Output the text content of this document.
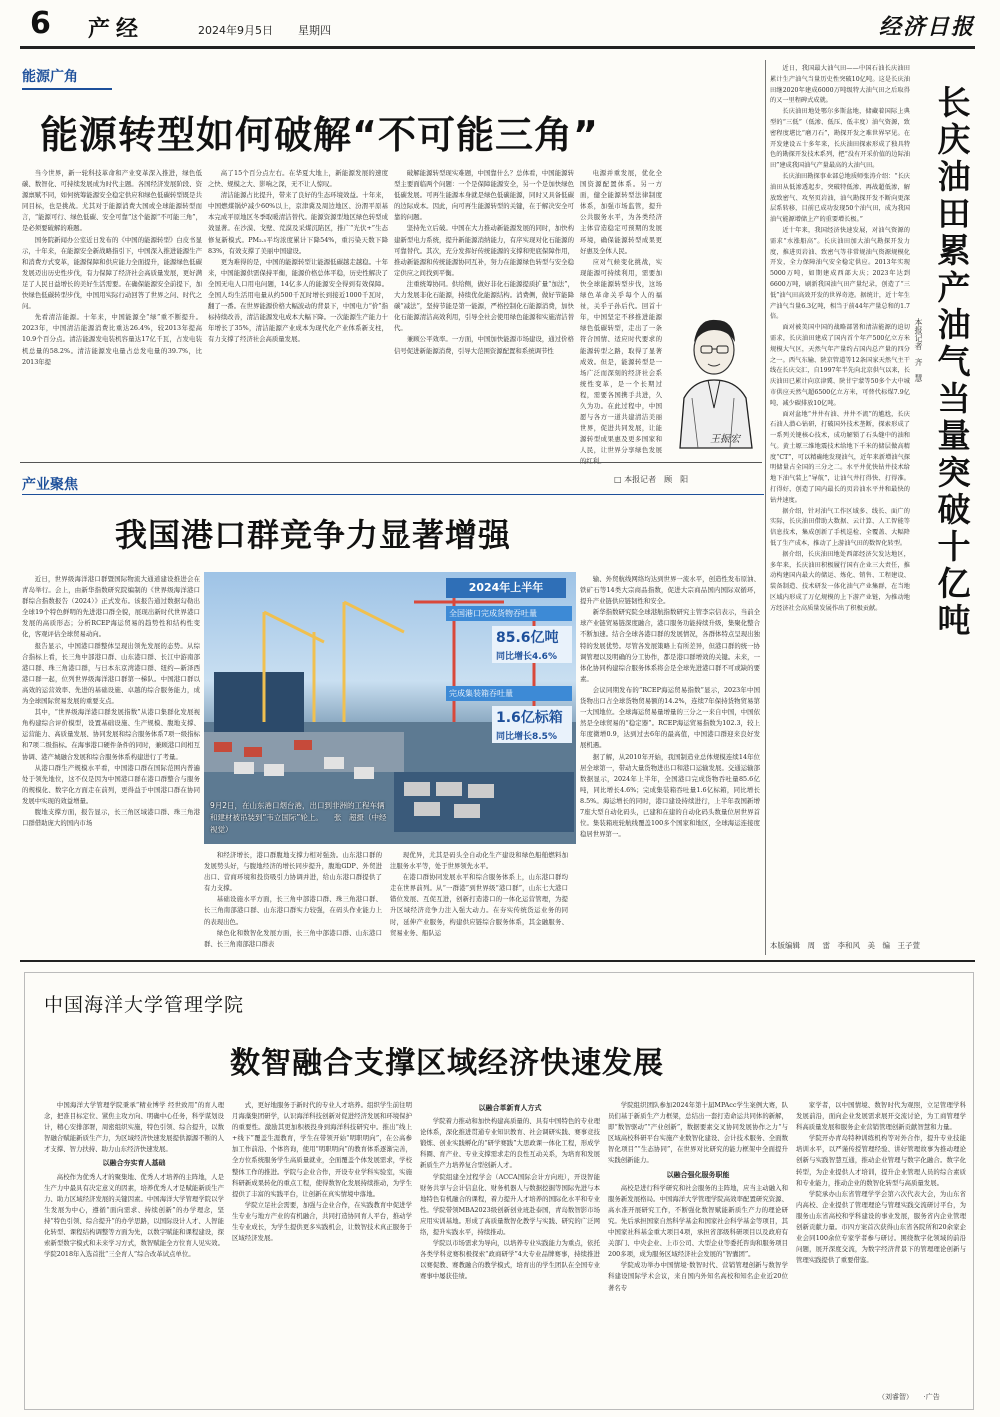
6 产经	2024年9月5日 星期四	经济日报
能源广角
能源转型如何破解“不可能三角”

当今世界，新一轮科技革命和产业变革深入推进，绿色低碳、数智化、可持续发展成为时代主题。各国经济发展阶段、资源禀赋不同，如何统筹能源安全稳定供应和绿色低碳转型既是共同目标，也是挑战。尤其对于能源消费大国或全球能源转型而言，“能源可行、绿色低碳、安全可靠”这个能源“不可能三角”，是必须要破解的难题。

国务院新闻办公室近日发布的《中国的能源转型》白皮书显示，十年来，在能源安全新战略指引下，中国深入推进能源生产和消费方式变革，能源保障和供应能力全面提升，能源绿色低碳发展迈出历史性步伐，有力保障了经济社会高质量发展，更好满足了人民日益增长的美好生活需要。在确保能源安全前提下，加快绿色低碳转型步伐，中国用实际行动回答了世界之问、时代之问。

先看清洁能源。十年来，中国能源全“绿”重不断提升。2023年，中国清洁能源消费比重达26.4%，较2013年提高10.9个百分点。清洁能源发电装机容量达17亿千瓦，占发电装机总量的58.2%。清洁能源发电量占总发电量的39.7%，比2013年提

高了15个百分点左右。在华夏大地上，新能源发展的速度之快、规模之大、影响之深，无不让人惊叹。

清洁能源占比提升，带来了良好的生态环境效益。十年来，中国燃煤锅炉减少60%以上，京津冀及周边地区、汾渭平原基本完成平原地区冬季取暖清洁替代。能源资源型地区绿色转型成效显著。在沙漠、戈壁、荒漠及采煤沉陷区，推广“光伏+”生态修复新模式。PM₂.₅平均浓度累计下降54%，重污染天数下降83%，有效支撑了美丽中国建设。

更为难得的是，中国的能源转型让能源低碳越走越稳。十年来，中国能源供需保持平衡，能源价格总体平稳，历史性解决了全国无电人口用电问题，14亿多人的能源安全得到有效保障。全国人均生活用电量从约500千瓦时增长到接近1000千瓦时，翻了一番。在世界能源价格大幅波动的背景下，中国电力“价”指标持续改善，清洁能源发电成本大幅下降。一次能源生产能力十年增长了35%，清洁能源产业成本为现代化产业体系新支柱，有力支撑了经济社会高质量发展。

破解能源转型现实难题，中国靠什么？总体看，中国能源转型主要面临两个问题：一个是保障能源安全，另一个是加快绿色低碳发展。可再生能源本身就是绿色低碳能源，同时又具备低碳的边际成本。因此，向可再生能源转型的关键，在于解决安全可靠的问题。

坚持先立后破。中国在大力推动新能源发展的同时，加快构建新型电力系统，提升新能源消纳能力，有序实现对化石能源的可靠替代。其次，充分发挥好传统能源的支撑和兜底保障作用，推动新能源和传统能源协同互补，努力在能源绿色转型与安全稳定供应之间找到平衡。

注重统筹协同。供给侧，做好非化石能源提质扩量“加法”，大力发展非化石能源，持续优化能源结构。消费侧，做好节能降碳“减法”，坚持节能是第一能源，严格控制化石能源消费，加快化石能源清洁高效利用，引导全社会使用绿色能源和实施清洁替代。

兼顾公平效率。一方面，中国加快能源市场建设，通过价格信号促进新能源消费，引导大范围资源配置和系统调节性

电源并重发展，优化全国资源配置体系。另一方面，健全能源转型法律制度体系，加强市场监管，提升公共服务水平，为各类经济主体营造稳定可预期的发展环境，确保能源转型成果更好惠及全体人民。

应对气候变化挑战，实现能源可持续利用，需要加快全球能源转型步伐，这场绿色革命关乎每个人的福祉，关乎子孙后代。回首十年，中国坚定不移推进能源绿色低碳转型，走出了一条符合国情、适应时代要求的能源转型之路，取得了显著成效。但是，能源转型是一场广泛而深刻的经济社会系统性变革，是一个长期过程，需要各国携手共进，久久为功。在此过程中，中国愿与各方一道共建清洁美丽世界，促进共同发展，让能源转型成果惠及更多国家和人民，让世界分享绿色发展

王振宏

近日，我国最大油气田——中国石油长庆油田累计生产油气当量历史性突破10亿吨。这是长庆油田继2020年建成6000万吨级特大油气田之后取得的又一里程碑式成就。

长庆油田地处鄂尔多斯盆地，储藏着国际上典型的“三低”（低渗、低压、低丰度）油气资源，致密程度堪比“磨刀石”，勘探开发之难世界罕见。在开发建设五十多年来，长庆油田探索形成了独具特色的勘探开发技术系列，把“没有开采价值的边际油田”建成我国油气产量最高的大油气田。

长庆油田勘探事业部总地质师张涛介绍：“长庆油田从低渗透起步，突破特低渗、再战超低渗，解放致密气、攻坚页岩油，油气勘探开发不断向更深层系转移，目前已成功发现50个油气田，成为我国油气能源增储上产的重要增长极。”

近十年来，我国经济快速发展，对油气资源的需求“水涨船高”。长庆油田加大油气勘探开发力度，推进页岩油、致密气等非常规油气资源规模化开发，全力保障油气安全稳定供应。2013年实现5000万吨，如期建成西部大庆；2023年达到6600万吨，刷新我国油气田产量纪录，创造了“三低”油气田高效开发的世界奇迹。据统计，近十年生产油气当量6.3亿吨，相当于前44年产量总和的1.7倍。

面对被美国中国的战略部署和清洁能源的迫切需求，长庆油田建成了国内首个年产500亿立方米规模大气区，天然气年产量约占国内总产量的四分之一。西气东输、陕京管道等12条国家天然气主干线在长庆交汇，自1997年半先向北京供气以来，长庆油田已累计向京津冀、陕甘宁蒙等50多个大中城市供应天然气超6500亿立方米，可替代标煤7.9亿吨，减少碳排放10亿吨。

面对盆地“井井有油、井井不流”的尴尬，长庆石油人潜心钻研，打破国外技术垄断，探索形成了一系列关键核心技术，成功解锁了石头缝中的油和气。黄土塬三维地震技术给地下千米的储层做高精度“CT”，可以精确地发现油气，近年来新增油气探明储量占全国的三分之二。水平井优快钻井技术给地下油气装上“导航”，让油气井打得快、打得准。打得好，创造了国内最长的页岩油水平井和最快的钻井速度。

据介绍，针对油气工作区域多、线长、面广的实际，长庆油田借助大数据、云计算、人工智能等信息技术，集成创新了手机巡检、全覆盖、大幅降低了生产成本，推动了上游油气田的数智化转型。

据介绍，长庆油田地处西部经济欠发达地区，多年来，长庆油田积极履行国有企业三大责任，推动构建国内最大的储运、炼化、销售、工程建设、装备制造、技术研发一体化油气产业集群，在当地区域内形成了万亿规模的上下游产业链，为推动地方经济社会高质量发展作出了积极贡献。

长
庆
油
田
累
产
油
气
当
量
突
破
十
亿
吨
本报记者　齐　慧
产业聚焦	□ 本报记者　顾　阳
我国港口群竞争力显著增强

近日，世界级海洋港口群暨国际物流大通道建设推进会在青岛举行。会上，由新华指数研究院编制的《世界级海洋港口群综合指数报告（2024）》正式发布。该报告通过数据勾勒出全球19个特色鲜明的先进港口群全貌，展现出新时代世界港口发展的高质形态；分析RCEP海运贸易的趋势性和结构性变化，客观评估全球贸易动向。

报告显示，中国港口群整体呈现出领先发展的态势。从综合指标上看，长三角中部港口群、山东港口群、长江中游南部港口群、珠三角港口群，与日本东京湾港口群、纽约—新泽西港口群一起，位列世界级海洋港口群第一梯队。中国港口群以高效的运营效率、先进的基础设施、卓越的综合服务能力，成为全球国际贸易发展的重要支点。

其中，“世界级海洋港口群发展指数”从港口集群化发展视角构建综合评价模型，设置基础设施、生产规模、腹地支撑、运营能力、高质量发展、协同发展和综合服务体系7项一级指标和7项二级指标。在海事港口硬件条件的同时，兼顾港口间相互协调、港产城融合发展和综合服务体系构建进行了考量。

从港口群生产规模水平看，中国港口群在国际范围内普遍处于领先地位，这不仅是因为中国港口群在港口群整合与服务的规模化、数字化方面走在前列，更得益于中国港口群在协同发展中实现的效益增量。

腹地支撑方面，报告显示，长三角区域港口群、珠三角港口群借助庞大的国内市场

2024年上半年
全国港口完成货物吞吐量
85.6亿吨
同比增长4.6%
完成集装箱吞吐量
1.6亿标箱
同比增长8.5%
9月2日，在山东港口烟台港，出口到非洲的工程车辆和建材被吊装到“韦立国际”轮上。　　张　超摄（中经视觉）

和经济增长，港口群腹地支撑力相对强劲。山东港口群的发展势头好，与腹地经济的增长同步提升，腹地GDP、外贸进出口、营商环境和投资吸引力协调并进，给山东港口群提供了有力支撑。

基础设施水平方面，长三角中部港口群、珠三角港口群、长三角南部港口群、山东港口群实力较强，在码头作业能力上的表现出色。

绿色化和数智化发展方面，长三角中部港口群、山东港口群、长三角南部港口群表

现优异，尤其是码头全自动化生产建设和绿色船舶燃料加注服务水平等，处于世界领先水平。

在港口群协同发展水平和综合服务体系上，山东港口群均走在世界前列。从“一群港”到世界级“港口群”，山东七大港口错位发展、互促互进，创新打造港口的一体化运营管理，为提升区域经济竞争力注入强大动力。在夯实传统货运业务的同时，延伸产业服务，构建供应链综合服务体系，其金融服务、贸易业务、船队运

输、外贸航线网络均达到世界一流水平，创造性发布原油、铁矿石等14类大宗商品指数，促进大宗商品国内国际双循环，提升产业链供应链韧性和安全。

新华指数研究院全球港航指数研究主管李宗信表示，当前全球产业链贸易链深度融合，港口服务功能持续升级，集聚化整合不断加速。结合全球各港口群的发展情况，各群体特点呈现出独特的发展优势。尽管各发展策略上有所差异，但港口群的统一协调管理以及明确的分工协作，都是港口群增效的关键。未来，一体化协同构建综合服务体系将会是全球先进港口群不可或缺的要素。

会议同期发布的“RCEP海运贸易指数”显示，2023年中国货物出口占全球货物贸易额的14.2%，连续7年保持货物贸易第一大国地位。全球海运贸易量增量的三分之一来自中国，中国依然是全球贸易的“稳定器”。RCEP海运贸易指数为102.3，较上年度微增0.9，达到过去6年的最高值，中国港口群迎来良好发展机遇。

据了解，从2010年开始，我国制造业总体规模连续14年位居全球第一，带动大量货物进出口和港口运输发展。交通运输部数据显示，2024年上半年，全国港口完成货物吞吐量85.6亿吨，同比增长4.6%；完成集装箱吞吐量1.6亿标箱，同比增长8.5%。海运增长的同时，港口建设持续进行，上半年我国新增7座大型自动化码头，已建和在建的自动化码头数量位居世界首位。集装箱班轮航线覆盖100多个国家和地区，全球海运连接度稳居世界第一。

本版编辑　周　雷　李和风　美　编　王子萱
中国海洋大学管理学院
数智融合支撑区域经济快速发展

中国海洋大学管理学院秉承“精业博学 经世致用”的育人理念，把准目标定位、紧焦主攻方向、明确中心任务，科学谋划设计，精心安排部署，周密组织实施，特色引领、综合提升，以数智融合赋能新质生产力，为区域经济快速发展提供源源不断的人才支撑、智力扶持、助力山东经济快速发展。

以融合夯实育人基础

高校作为优秀人才的聚集地、优秀人才培养的主阵地，人是生产力中最具有决定意义的因素，培养优秀人才是赋能新质生产力、助力区域经济发展的关键因素。中国海洋大学管理学院以学生发展为中心，遵循“面向需求、持续创新”的办学理念，坚持“特色引领、综合提升”的办学思路，以国际设计人才、人智能化转型、课程结构调整等方面为先，以数字赋能和课程建设，探索新型数字模式和未来学习方式，数智赋能全方位育人见实效。学院2018年入选首批“三全育人”综合改革试点单位。

式，更好地服务于新时代的专业人才培养。组织学生前往明月海藻集团研学，认识海洋科技创新对促进经济发展和环境保护的重要性。激励其更加积极投身到海洋科技研究中。推出“线上+线下”覆盖生涯教育，学生在带领开始“明职明向”，在公高参加工作前沿、个体咨询，使用“明职明向”的教育体系逐渐完善，全方位系统服务学生高质量就业，全面覆盖个体发展需求，学校整体工作的推进。学院与企业合作，开设专业学科实验室，实施科研新成果转化的重点工程，使得数智化发展持续推动，为学生提供了丰富的实践平台，让创新在真实情境中落地。

学院立足社会需要，加强与企业合作，在实践教育中促进学生专业与地方产业的有机融合，共同打造协同育人平台，推动学生专业成长，为学生提供更多实践机会，让数智技术真正服务于区域经济发展。

以融合革新育人方式

学院着力推动和加快构建高质量的、具有中国特色的专业理论体系，深化推进贯通专业知识教育、社会调研实践、赛事竞技锻炼、创业实践孵化的“研学赛践”大思政课一体化工程，形成学科圈、育产业、专业支撑需求走的良性互动关系，为培育和发展新质生产力培养复合型创新人才。

学院组建全过程学会（ACCA国际会计方向班），开设智能财务共享与会计信息化、财务机器人与数据挖掘等国际先进与本地特色有机融合的课程，着力提升人才培养的国际化水平和专业性。学院带领MBA2023级创新创业班赴泰国，青岛数智影市场应用实训基地。形成了高质量数智化教学与实践、研究的广泛网络，提升实践水平，持续推动。

学院以市场需求为导向，以培养专业实践能力为重点，依托各类学科竞赛积极探索“政商研学”4大专业品牌赛事，持续推进以赛促教、赛教融合的教学模式，培育出的学生团队在全国专业赛事中屡获佳绩。

学院组织团队参加2024年第十届MPAcc学生案例大赛，队员们基于新质生产力框架，总结出一套打造命运共同体的新解，即“数智驱动”“产业创新”，数据要素交叉协同发展协作之力“与区域高校科研平台实施产业数智化建设、会计技术服务、全面数智化项目”“生态协同”，在世界对比研究的能力框架中全面提升实践创新能力。

以融合强化服务职能

高校是进行科学研究和社会服务的主阵地，应当主动融入和服务新发展格局。中国海洋大学管理学院高效率配置研究资源、高水准开展研究工作，不断强化数智赋能新质生产力的理论研究。先后承担国家自然科学基金和国家社会科学基金等项目，其中国家社科基金重大项目4项，承担省部级科研项目以及政府有关部门、中央企业、上市公司、大型企业等委托咨询和服务项目200多项，成为服务区域经济社会发展的“智囊团”。

学院成功举办中国情境·数智时代、营销管理创新与数智学科建设国际学术会议，来自国内外知名高校和知名企业近20位著名专

家学者，以中国情境、数智时代为观照，立足管理学科发展前沿，面向企业发展需求展开交流讨论，为工商管理学科高质量发展和服务企业营销管理创新贡献智慧和力量。

学院开办青岛特种训练机构等对外合作，提升专业技能培训水平，以严谨传授管理经验、讲好管理故事为推动理论创新与实践智慧互通，推动企业管理与数字化融合。数字化转型，为企业提供人才培训，提升企业管理人员的综合素质和专业能力，推动企业的数智化转型与高质量发展。

学院承办山东省管理学学会第六次代表大会，为山东省内高校、企业提供了管理理论与管理实践交流研讨平台，为服务山东省高校和学科建设的事业发展，服务省内企业管理创新贡献力量。市四方案首次获得山东省各院所和20余家企业会同100余位专家学者参与研讨。围绕数字化领域的前沿问题，展开深度交流，为数字经济背景下的管理理论创新与管理实践提供了重要借鉴。

（刘睿智）　　·广告
